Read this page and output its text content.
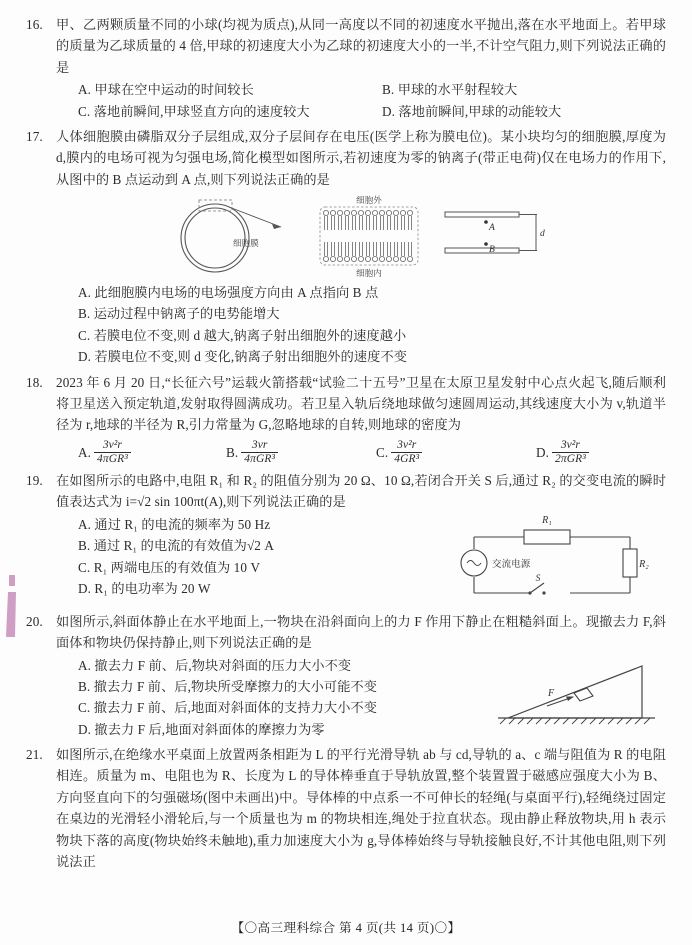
16.	甲、乙两颗质量不同的小球(均视为质点),从同一高度以不同的初速度水平抛出,落在水平地面上。若甲球的质量为乙球质量的 4 倍,甲球的初速度大小为乙球的初速度大小的一半,不计空气阻力,则下列说法正确的是
A. 甲球在空中运动的时间较长	B. 甲球的水平射程较大
C. 落地前瞬间,甲球竖直方向的速度较大	D. 落地前瞬间,甲球的动能较大
17.	人体细胞膜由磷脂双分子层组成,双分子层间存在电压(医学上称为膜电位)。某小块均匀的细胞膜,厚度为 d,膜内的电场可视为匀强电场,简化模型如图所示,若初速度为零的钠离子(带正电荷)仅在电场力的作用下,从图中的 B 点运动到 A 点,则下列说法正确的是
细胞膜
细胞外
细胞内
A
B
d
A. 此细胞膜内电场的电场强度方向由 A 点指向 B 点
B. 运动过程中钠离子的电势能增大
C. 若膜电位不变,则 d 越大,钠离子射出细胞外的速度越小
D. 若膜电位不变,则 d 变化,钠离子射出细胞外的速度不变
18.	2023 年 6 月 20 日,“长征六号”运载火箭搭载“试验二十五号”卫星在太原卫星发射中心点火起飞,随后顺利将卫星送入预定轨道,发射取得圆满成功。若卫星入轨后绕地球做匀速圆周运动,其线速度大小为 v,轨道半径为 r,地球的半径为 R,引力常量为 G,忽略地球的自转,则地球的密度为
A. $\frac{\text{3v²r}}{\text{4πGR³}}$	B. $\frac{3vr}{\text{4πGR³}}$	C. $\frac{\text{3v²r}}{\text{4GR³}}$	D. $\frac{\text{3v²r}}{\text{2πGR³}}$
19.	在如图所示的电路中,电阻 R₁ 和 R₂ 的阻值分别为 20 Ω、10 Ω,若闭合开关 S 后,通过 R₂ 的交变电流的瞬时值表达式为 i=√2 sin 100πt(A),则下列说法正确的是
R₁
R₂
交流电源
S
A. 通过 R₁ 的电流的频率为 50 Hz
B. 通过 R₁ 的电流的有效值为√2 A
C. R₁ 两端电压的有效值为 10 V
D. R₁ 的电功率为 20 W
20.	如图所示,斜面体静止在水平地面上,一物块在沿斜面向上的力 F 作用下静止在粗糙斜面上。现撤去力 F,斜面体和物块仍保持静止,则下列说法正确的是
F
A. 撤去力 F 前、后,物块对斜面的压力大小不变
B. 撤去力 F 前、后,物块所受摩擦力的大小可能不变
C. 撤去力 F 前、后,地面对斜面体的支持力大小不变
D. 撤去力 F 后,地面对斜面体的摩擦力为零
21.	如图所示,在绝缘水平桌面上放置两条相距为 L 的平行光滑导轨 ab 与 cd,导轨的 a、c 端与阻值为 R 的电阻相连。质量为 m、电阻也为 R、长度为 L 的导体棒垂直于导轨放置,整个装置置于磁感应强度大小为 B、方向竖直向下的匀强磁场(图中未画出)中。导体棒的中点系一不可伸长的轻绳(与桌面平行),轻绳绕过固定在桌边的光滑轻小滑轮后,与一个质量也为 m 的物块相连,绳处于拉直状态。现由静止释放物块,用 h 表示物块下落的高度(物块始终未触地),重力加速度大小为 g,导体棒始终与导轨接触良好,不计其他电阻,则下列说法正
【〇高三理科综合 第 4 页(共 14 页)〇】
